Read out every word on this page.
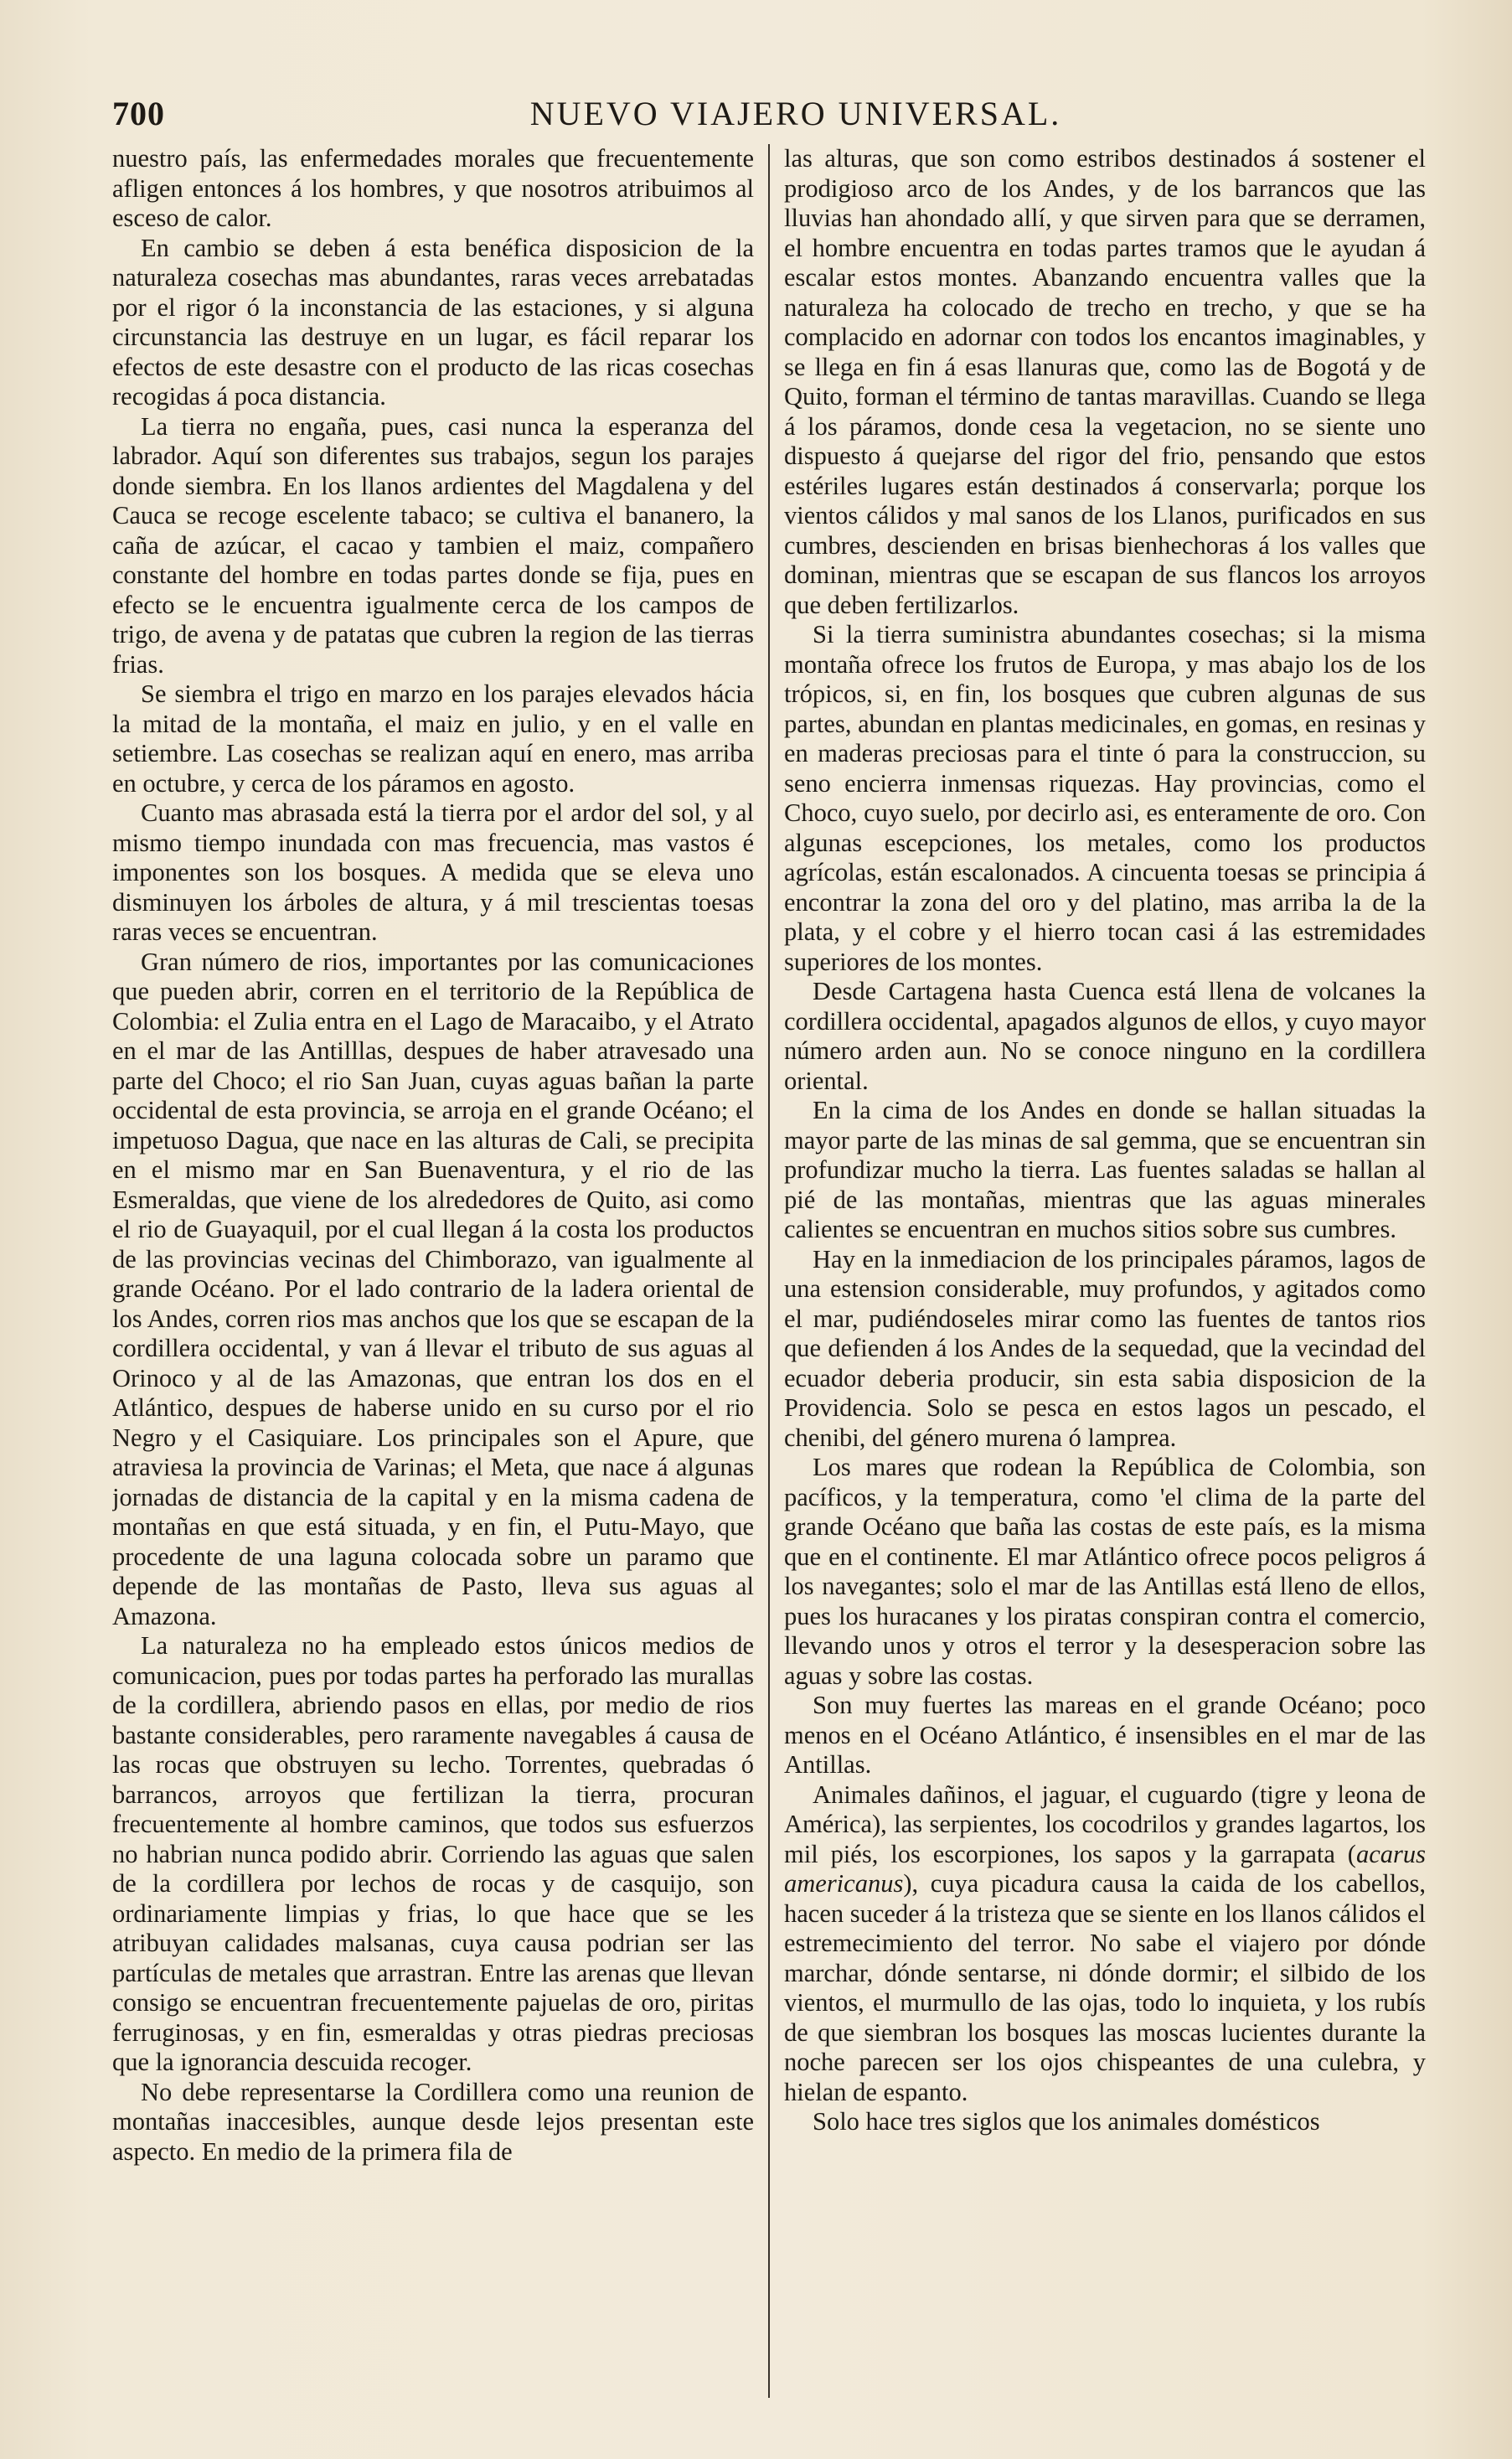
700	NUEVO VIAJERO UNIVERSAL.

nuestro país, las enfermedades morales que frecuentemente afligen entonces á los hombres, y que nosotros atribuimos al esceso de calor.

En cambio se deben á esta benéfica disposicion de la naturaleza cosechas mas abundantes, raras veces arrebatadas por el rigor ó la inconstancia de las estaciones, y si alguna circunstancia las destruye en un lugar, es fácil reparar los efectos de este desastre con el producto de las ricas cosechas recogidas á poca distancia.

La tierra no engaña, pues, casi nunca la esperanza del labrador. Aquí son diferentes sus trabajos, segun los parajes donde siembra. En los llanos ardientes del Magdalena y del Cauca se recoge escelente tabaco; se cultiva el bananero, la caña de azúcar, el cacao y tambien el maiz, compañero constante del hombre en todas partes donde se fija, pues en efecto se le encuentra igualmente cerca de los campos de trigo, de avena y de patatas que cubren la region de las tierras frias.

Se siembra el trigo en marzo en los parajes elevados hácia la mitad de la montaña, el maiz en julio, y en el valle en setiembre. Las cosechas se realizan aquí en enero, mas arriba en octubre, y cerca de los páramos en agosto.

Cuanto mas abrasada está la tierra por el ardor del sol, y al mismo tiempo inundada con mas frecuencia, mas vastos é imponentes son los bosques. A medida que se eleva uno disminuyen los árboles de altura, y á mil trescientas toesas raras veces se encuentran.

Gran número de rios, importantes por las comunicaciones que pueden abrir, corren en el territorio de la República de Colombia: el Zulia entra en el Lago de Maracaibo, y el Atrato en el mar de las Antilllas, despues de haber atravesado una parte del Choco; el rio San Juan, cuyas aguas bañan la parte occidental de esta provincia, se arroja en el grande Océano; el impetuoso Dagua, que nace en las alturas de Cali, se precipita en el mismo mar en San Buenaventura, y el rio de las Esmeraldas, que viene de los alrededores de Quito, asi como el rio de Guayaquil, por el cual llegan á la costa los productos de las provincias vecinas del Chimborazo, van igualmente al grande Océano. Por el lado contrario de la ladera oriental de los Andes, corren rios mas anchos que los que se escapan de la cordillera occidental, y van á llevar el tributo de sus aguas al Orinoco y al de las Amazonas, que entran los dos en el Atlántico, despues de haberse unido en su curso por el rio Negro y el Casiquiare. Los principales son el Apure, que atraviesa la provincia de Varinas; el Meta, que nace á algunas jornadas de distancia de la capital y en la misma cadena de montañas en que está situada, y en fin, el Putu-Mayo, que procedente de una laguna colocada sobre un paramo que depende de las montañas de Pasto, lleva sus aguas al Amazona.

La naturaleza no ha empleado estos únicos medios de comunicacion, pues por todas partes ha perforado las murallas de la cordillera, abriendo pasos en ellas, por medio de rios bastante considerables, pero raramente navegables á causa de las rocas que obstruyen su lecho. Torrentes, quebradas ó barrancos, arroyos que fertilizan la tierra, procuran frecuentemente al hombre caminos, que todos sus esfuerzos no habrian nunca podido abrir. Corriendo las aguas que salen de la cordillera por lechos de rocas y de casquijo, son ordinariamente limpias y frias, lo que hace que se les atribuyan calidades malsanas, cuya causa podrian ser las partículas de metales que arrastran. Entre las arenas que llevan consigo se encuentran frecuentemente pajuelas de oro, piritas ferruginosas, y en fin, esmeraldas y otras piedras preciosas que la ignorancia descuida recoger.

No debe representarse la Cordillera como una reunion de montañas inaccesibles, aunque desde lejos presentan este aspecto. En medio de la primera fila de

las alturas, que son como estribos destinados á sostener el prodigioso arco de los Andes, y de los barrancos que las lluvias han ahondado allí, y que sirven para que se derramen, el hombre encuentra en todas partes tramos que le ayudan á escalar estos montes. Abanzando encuentra valles que la naturaleza ha colocado de trecho en trecho, y que se ha complacido en adornar con todos los encantos imaginables, y se llega en fin á esas llanuras que, como las de Bogotá y de Quito, forman el término de tantas maravillas. Cuando se llega á los páramos, donde cesa la vegetacion, no se siente uno dispuesto á quejarse del rigor del frio, pensando que estos estériles lugares están destinados á conservarla; porque los vientos cálidos y mal sanos de los Llanos, purificados en sus cumbres, descienden en brisas bienhechoras á los valles que dominan, mientras que se escapan de sus flancos los arroyos que deben fertilizarlos.

Si la tierra suministra abundantes cosechas; si la misma montaña ofrece los frutos de Europa, y mas abajo los de los trópicos, si, en fin, los bosques que cubren algunas de sus partes, abundan en plantas medicinales, en gomas, en resinas y en maderas preciosas para el tinte ó para la construccion, su seno encierra inmensas riquezas. Hay provincias, como el Choco, cuyo suelo, por decirlo asi, es enteramente de oro. Con algunas escepciones, los metales, como los productos agrícolas, están escalonados. A cincuenta toesas se principia á encontrar la zona del oro y del platino, mas arriba la de la plata, y el cobre y el hierro tocan casi á las estremidades superiores de los montes.

Desde Cartagena hasta Cuenca está llena de volcanes la cordillera occidental, apagados algunos de ellos, y cuyo mayor número arden aun. No se conoce ninguno en la cordillera oriental.

En la cima de los Andes en donde se hallan situadas la mayor parte de las minas de sal gemma, que se encuentran sin profundizar mucho la tierra. Las fuentes saladas se hallan al pié de las montañas, mientras que las aguas minerales calientes se encuentran en muchos sitios sobre sus cumbres.

Hay en la inmediacion de los principales páramos, lagos de una estension considerable, muy profundos, y agitados como el mar, pudiéndoseles mirar como las fuentes de tantos rios que defienden á los Andes de la sequedad, que la vecindad del ecuador deberia producir, sin esta sabia disposicion de la Providencia. Solo se pesca en estos lagos un pescado, el chenibi, del género murena ó lamprea.

Los mares que rodean la República de Colombia, son pacíficos, y la temperatura, como 'el clima de la parte del grande Océano que baña las costas de este país, es la misma que en el continente. El mar Atlántico ofrece pocos peligros á los navegantes; solo el mar de las Antillas está lleno de ellos, pues los huracanes y los piratas conspiran contra el comercio, llevando unos y otros el terror y la desesperacion sobre las aguas y sobre las costas.

Son muy fuertes las mareas en el grande Océano; poco menos en el Océano Atlántico, é insensibles en el mar de las Antillas.

Animales dañinos, el jaguar, el cuguardo (tigre y leona de América), las serpientes, los cocodrilos y grandes lagartos, los mil piés, los escorpiones, los sapos y la garrapata (acarus americanus), cuya picadura causa la caida de los cabellos, hacen suceder á la tristeza que se siente en los llanos cálidos el estremecimiento del terror. No sabe el viajero por dónde marchar, dónde sentarse, ni dónde dormir; el silbido de los vientos, el murmullo de las ojas, todo lo inquieta, y los rubís de que siembran los bosques las moscas lucientes durante la noche parecen ser los ojos chispeantes de una culebra, y hielan de espanto.

Solo hace tres siglos que los animales domésticos
